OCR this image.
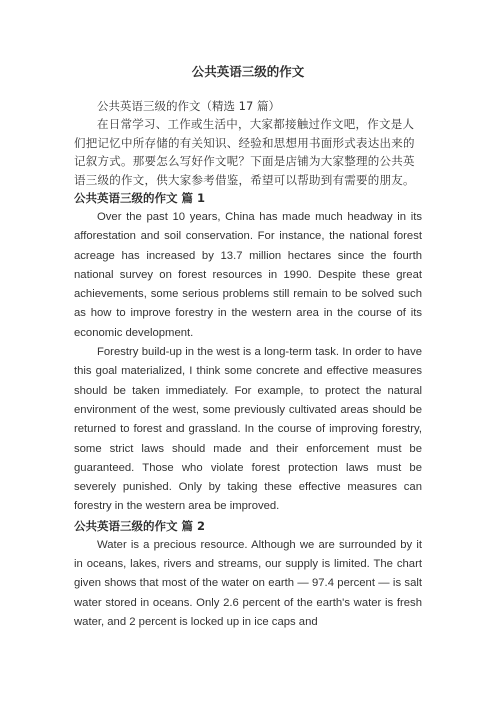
公共英语三级的作文

公共英语三级的作文（精选 17 篇）

在日常学习、工作或生活中，大家都接触过作文吧，作文是人们把记忆中所存储的有关知识、经验和思想用书面形式表达出来的记叙方式。那要怎么写好作文呢？下面是店铺为大家整理的公共英语三级的作文，供大家参考借鉴，希望可以帮助到有需要的朋友。

公共英语三级的作文 篇 1

Over the past 10 years, China has made much headway in its afforestation and soil conservation. For instance, the national forest acreage has increased by 13.7 million hectares since the fourth national survey on forest resources in 1990. Despite these great achievements, some serious problems still remain to be solved such as how to improve forestry in the western area in the course of its economic development.

Forestry build-up in the west is a long-term task. In order to have this goal materialized, I think some concrete and effective measures should be taken immediately. For example, to protect the natural environment of the west, some previously cultivated areas should be returned to forest and grassland. In the course of improving forestry, some strict laws should made and their enforcement must be guaranteed. Those who violate forest protection laws must be severely punished. Only by taking these effective measures can forestry in the western area be improved.

公共英语三级的作文 篇 2

Water is a precious resource. Although we are surrounded by it in oceans, lakes, rivers and streams, our supply is limited. The chart given shows that most of the water on earth — 97.4 percent — is salt water stored in oceans. Only 2.6 percent of the earth's water is fresh water, and 2 percent is locked up in ice caps and
